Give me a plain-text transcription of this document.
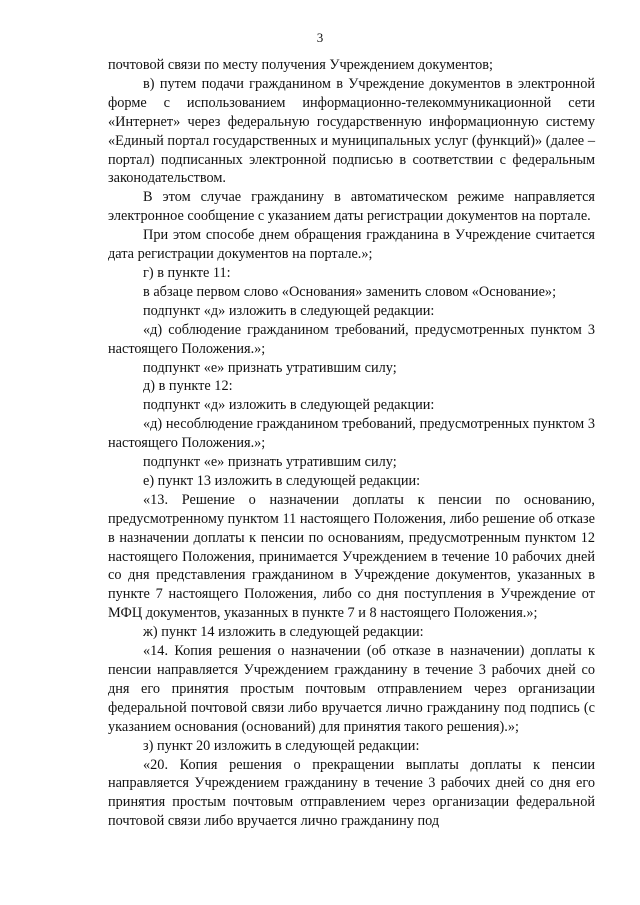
3

почтовой связи по месту получения Учреждением документов;

в) путем подачи гражданином в Учреждение документов в электронной форме с использованием информационно-телекоммуникационной сети «Интернет» через федеральную государственную информационную систему «Единый портал государственных и муниципальных услуг (функций)» (далее – портал) подписанных электронной подписью в соответствии с федеральным законодательством.

В этом случае гражданину в автоматическом режиме направляется электронное сообщение с указанием даты регистрации документов на портале.

При этом способе днем обращения гражданина в Учреждение считается дата регистрации документов на портале.»;

г) в пункте 11:

в абзаце первом слово «Основания» заменить словом «Основание»;

подпункт «д» изложить в следующей редакции:

«д) соблюдение гражданином требований, предусмотренных пунктом 3 настоящего Положения.»;

подпункт «е» признать утратившим силу;

д) в пункте 12:

подпункт «д» изложить в следующей редакции:

«д) несоблюдение гражданином требований, предусмотренных пунктом 3 настоящего Положения.»;

подпункт «е» признать утратившим силу;

е) пункт 13 изложить в следующей редакции:

«13. Решение о назначении доплаты к пенсии по основанию, предусмотренному пунктом 11 настоящего Положения, либо решение об отказе в назначении доплаты к пенсии по основаниям, предусмотренным пунктом 12 настоящего Положения, принимается Учреждением в течение 10 рабочих дней со дня представления гражданином в Учреждение документов, указанных в пункте 7 настоящего Положения, либо со дня поступления в Учреждение от МФЦ документов, указанных в пункте 7 и 8 настоящего Положения.»;

ж) пункт 14 изложить в следующей редакции:

«14. Копия решения о назначении (об отказе в назначении) доплаты к пенсии направляется Учреждением гражданину в течение 3 рабочих дней со дня его принятия простым почтовым отправлением через организации федеральной почтовой связи либо вручается лично гражданину под подпись (с указанием основания (оснований) для принятия такого решения).»;

з) пункт 20 изложить в следующей редакции:

«20. Копия решения о прекращении выплаты доплаты к пенсии направляется Учреждением гражданину в течение 3 рабочих дней со дня его принятия простым почтовым отправлением через организации федеральной почтовой связи либо вручается лично гражданину под
